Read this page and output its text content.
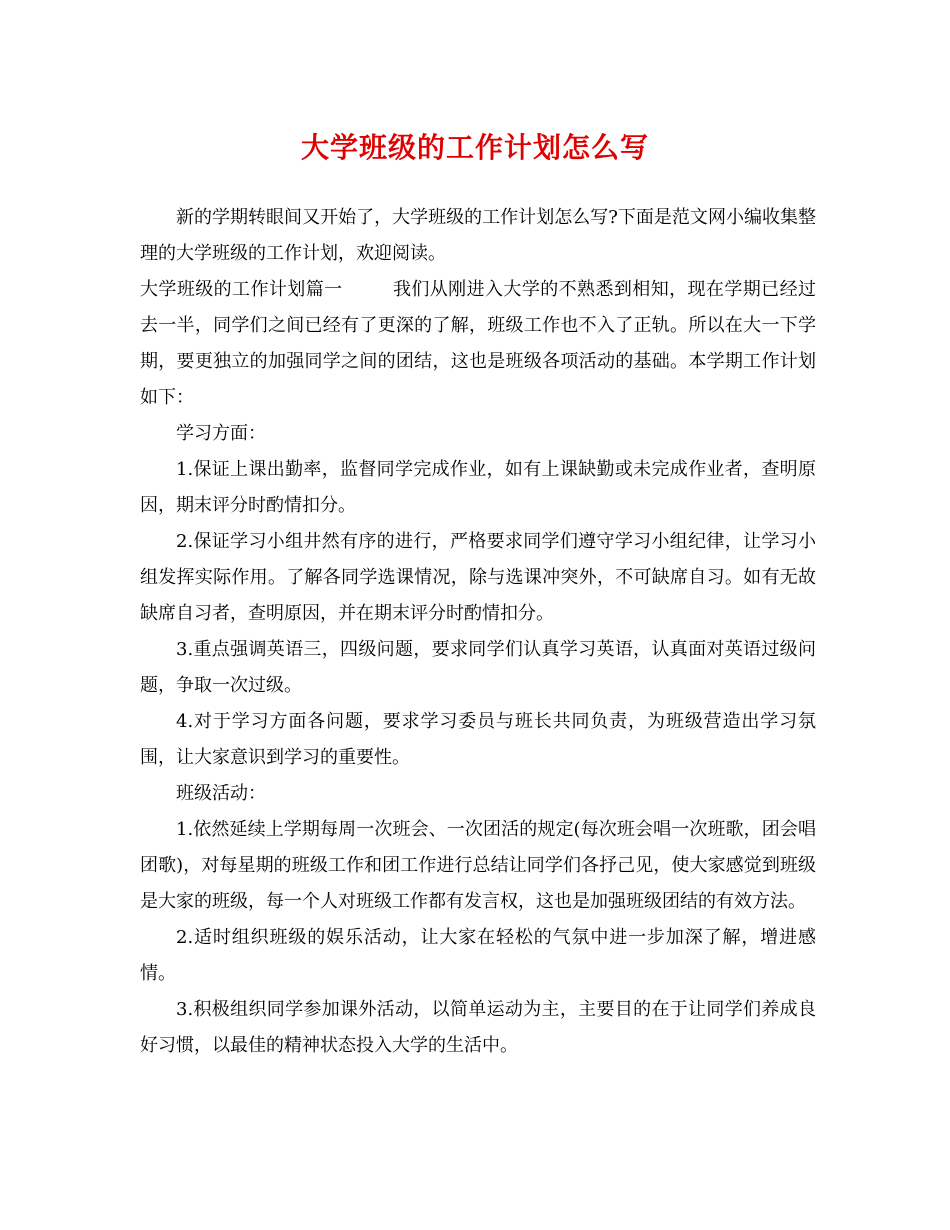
大学班级的工作计划怎么写

新的学期转眼间又开始了，大学班级的工作计划怎么写?下面是范文网小编收集整理的大学班级的工作计划，欢迎阅读。

大学班级的工作计划篇一	我们从刚进入大学的不熟悉到相知，现在学期已经过去一半，同学们之间已经有了更深的了解，班级工作也不入了正轨。所以在大一下学期，要更独立的加强同学之间的团结，这也是班级各项活动的基础。本学期工作计划如下：

学习方面：

1.保证上课出勤率，监督同学完成作业，如有上课缺勤或未完成作业者，查明原因，期末评分时酌情扣分。

2.保证学习小组井然有序的进行，严格要求同学们遵守学习小组纪律，让学习小组发挥实际作用。了解各同学选课情况，除与选课冲突外，不可缺席自习。如有无故缺席自习者，查明原因，并在期末评分时酌情扣分。

3.重点强调英语三，四级问题，要求同学们认真学习英语，认真面对英语过级问题，争取一次过级。

4.对于学习方面各问题，要求学习委员与班长共同负责，为班级营造出学习氛围，让大家意识到学习的重要性。

班级活动：

1.依然延续上学期每周一次班会、一次团活的规定(每次班会唱一次班歌，团会唱团歌)，对每星期的班级工作和团工作进行总结让同学们各抒己见，使大家感觉到班级是大家的班级，每一个人对班级工作都有发言权，这也是加强班级团结的有效方法。

2.适时组织班级的娱乐活动，让大家在轻松的气氛中进一步加深了解，增进感情。

3.积极组织同学参加课外活动，以简单运动为主，主要目的在于让同学们养成良好习惯，以最佳的精神状态投入大学的生活中。
